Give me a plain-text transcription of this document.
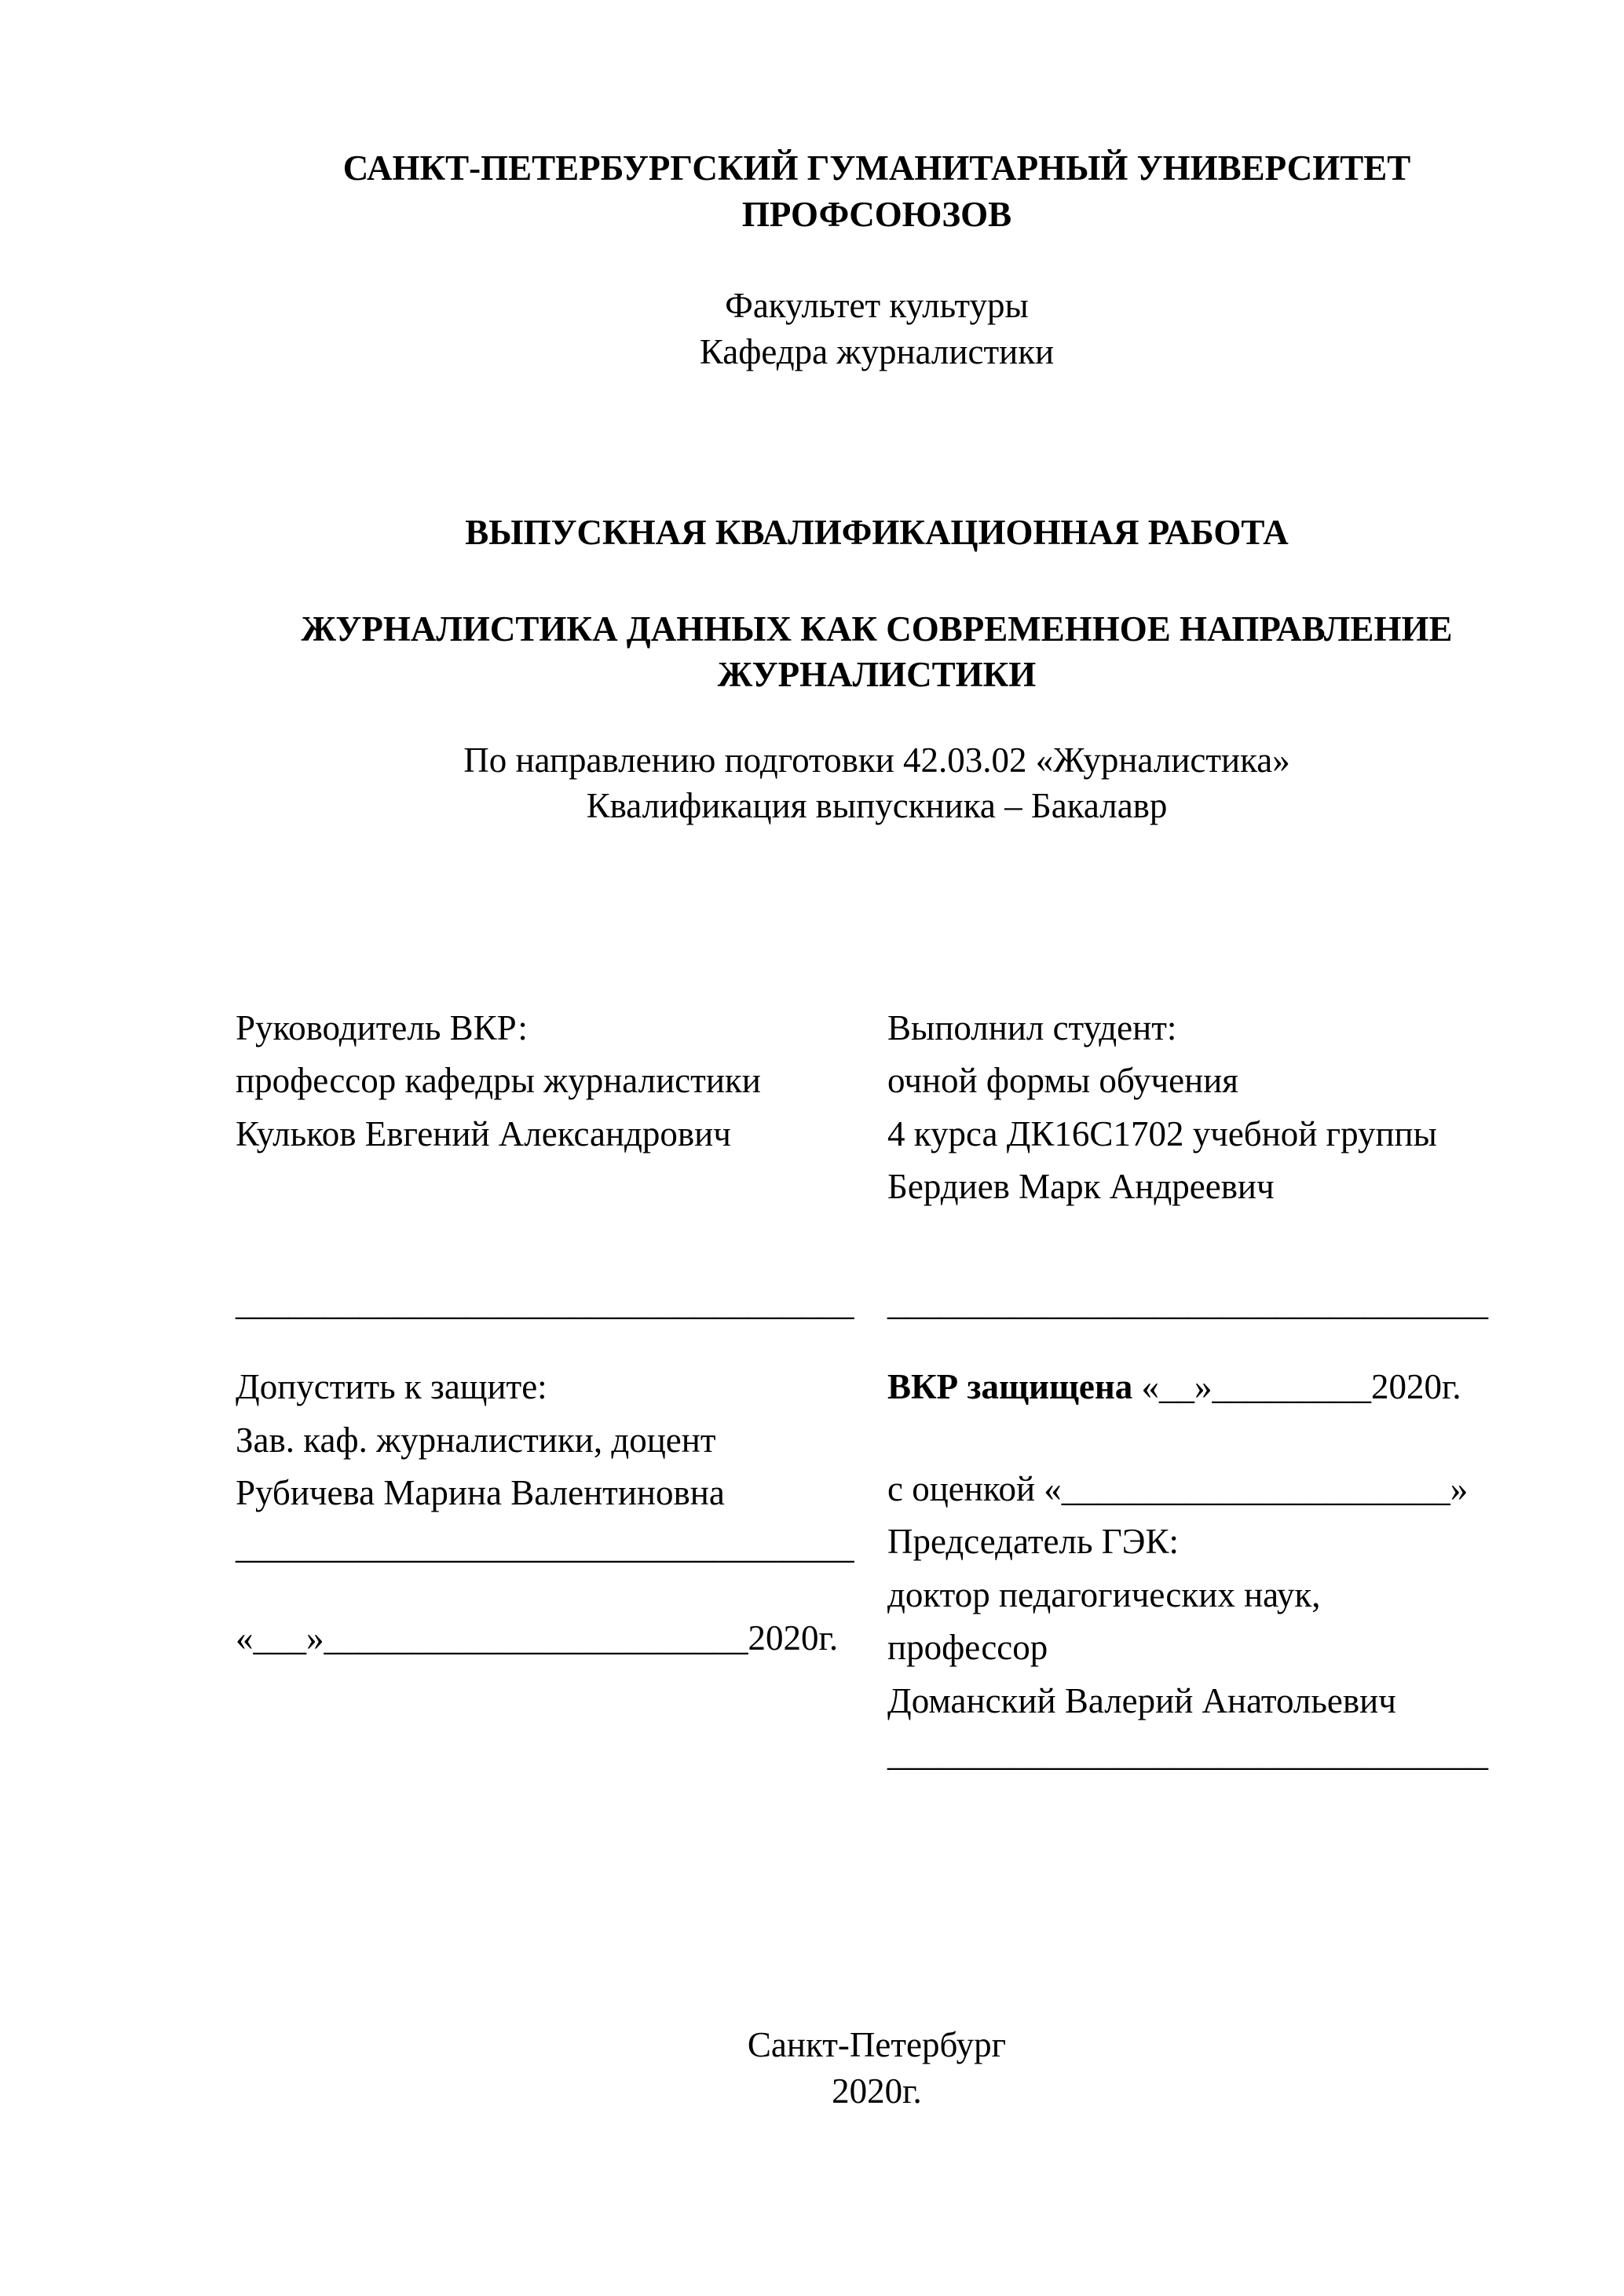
САНКТ-ПЕТЕРБУРГСКИЙ ГУМАНИТАРНЫЙ УНИВЕРСИТЕТ
ПРОФСОЮЗОВ
Факультет культуры
Кафедра журналистики
ВЫПУСКНАЯ КВАЛИФИКАЦИОННАЯ РАБОТА
ЖУРНАЛИСТИКА ДАННЫХ КАК СОВРЕМЕННОЕ НАПРАВЛЕНИЕ
ЖУРНАЛИСТИКИ
По направлению подготовки 42.03.02 «Журналистика»
Квалификация выпускника – Бакалавр
Руководитель ВКР:
профессор кафедры журналистики
Кульков Евгений Александрович
Выполнил студент:
очной формы обучения
4 курса ДК16С1702 учебной группы
Бердиев Марк Андреевич
___________________________________ __________________________________
Допустить к защите:
Зав. каф. журналистики, доцент
Рубичева Марина Валентиновна
___________________________________
«___»________________________2020г.
ВКР защищена «__»_________2020г.
с оценкой «______________________»
Председатель ГЭК:
доктор педагогических наук,
профессор
Доманский Валерий Анатольевич
__________________________________
Санкт-Петербург
2020г.
